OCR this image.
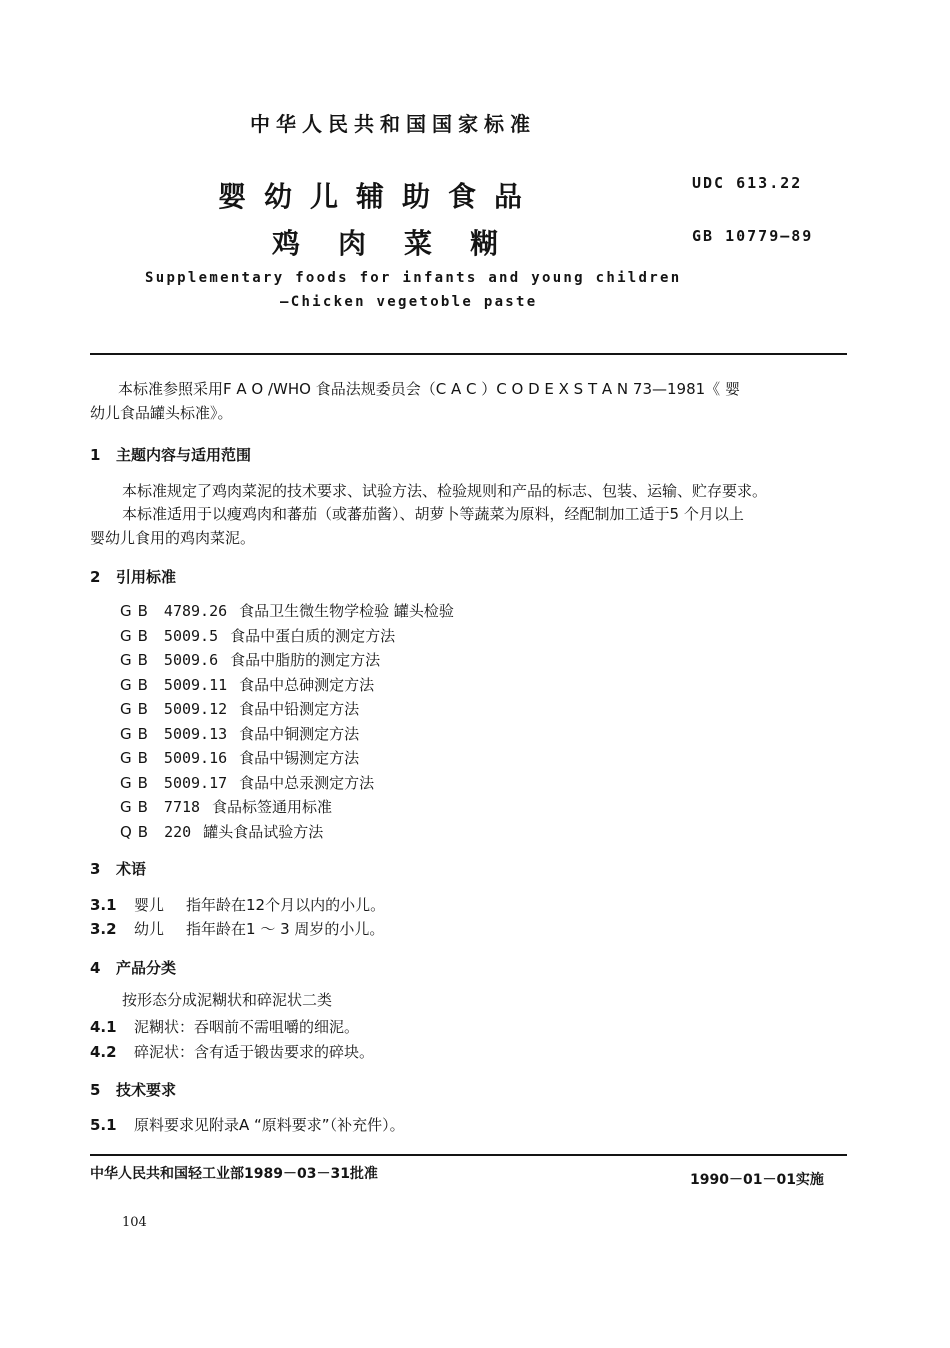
中华人民共和国国家标准
婴幼儿辅助食品
鸡肉菜糊
UDC 613.22
GB 10779—89
Supplementary foods for infants and young children
—Chicken vegetoble paste
本标准参照采用F A O /WHO 食品法规委员会（C A C ）C O D E X S T A N 73—1981《 婴
幼儿食品罐头标准》。
1 主题内容与适用范围
本标准规定了鸡肉菜泥的技术要求、试验方法、检验规则和产品的标志、包装、运输、贮存要求。
本标准适用于以瘦鸡肉和蕃茄（或蕃茄酱）、胡萝卜等蔬菜为原料，经配制加工适于5 个月以上
婴幼儿食用的鸡肉菜泥。
2 引用标准
GB 4789.26 食品卫生微生物学检验 罐头检验
GB 5009.5 食品中蛋白质的测定方法
GB 5009.6 食品中脂肪的测定方法
GB 5009.11 食品中总砷测定方法
GB 5009.12 食品中铅测定方法
GB 5009.13 食品中铜测定方法
GB 5009.16 食品中锡测定方法
GB 5009.17 食品中总汞测定方法
GB 7718 食品标签通用标准
QB 220 罐头食品试验方法
3 术语
3.1 婴儿 指年龄在12个月以内的小儿。
3.2 幼儿 指年龄在1 ～ 3 周岁的小儿。
4 产品分类
按形态分成泥糊状和碎泥状二类
4.1 泥糊状：吞咽前不需咀嚼的细泥。
4.2 碎泥状：含有适于锻齿要求的碎块。
5 技术要求
5.1 原料要求见附录A “原料要求”（补充件）。
中华人民共和国轻工业部1989－03－31批准	1990－01－01实施
104
